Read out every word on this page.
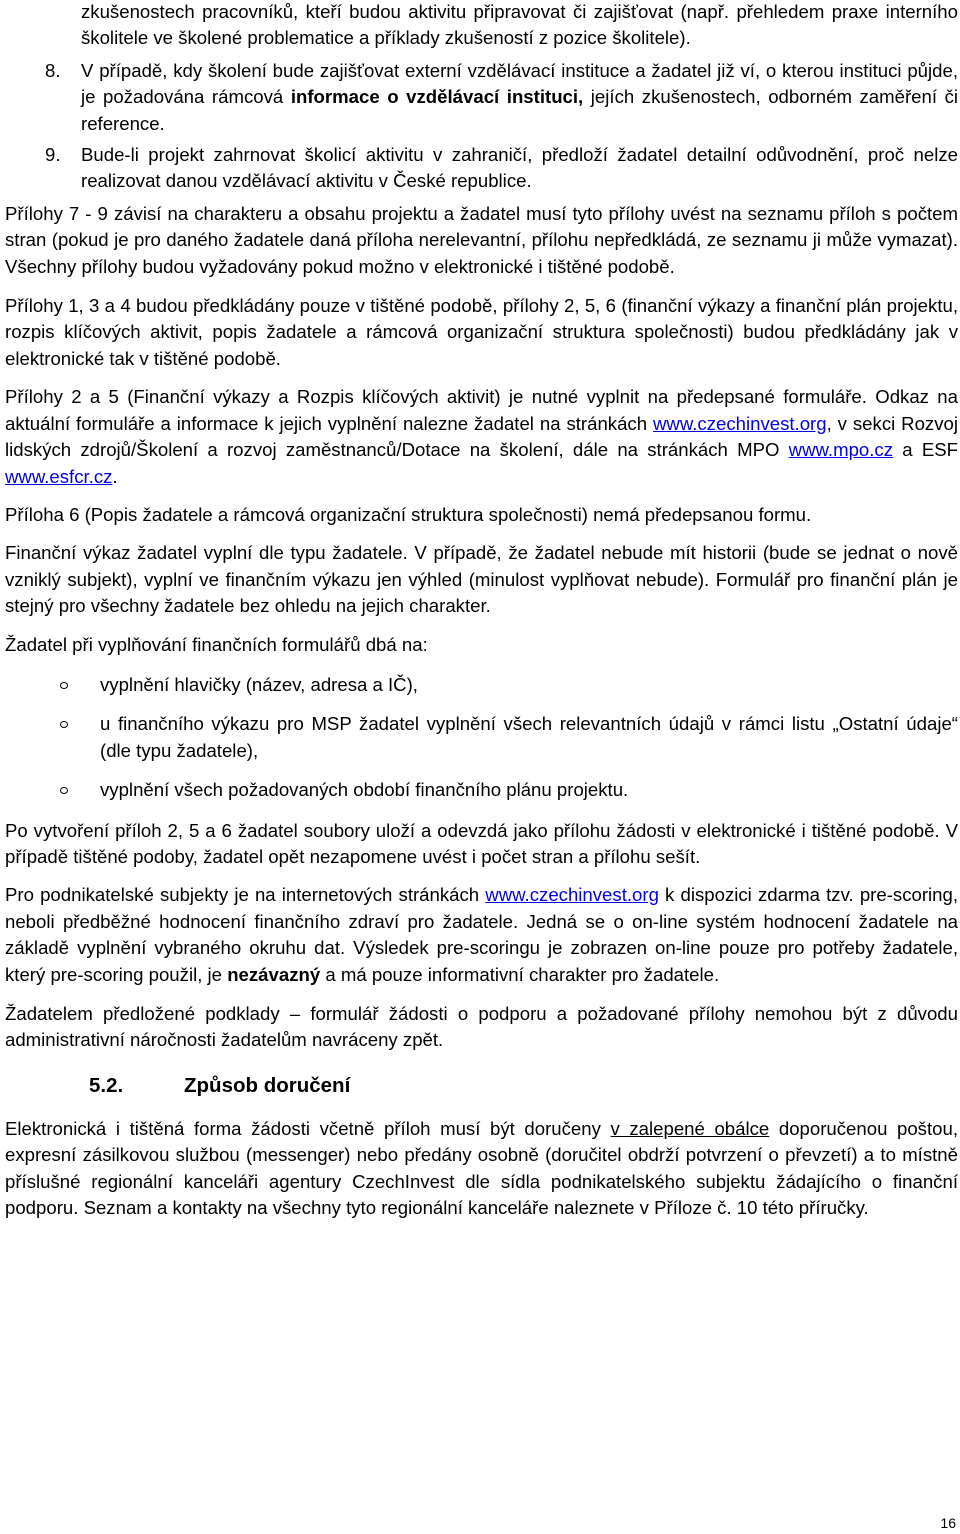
zkušenostech pracovníků, kteří budou aktivitu připravovat či zajišťovat (např. přehledem praxe interního školitele ve školené problematice a příklady zkušeností z pozice školitele).

8. V případě, kdy školení bude zajišťovat externí vzdělávací instituce a žadatel již ví, o kterou instituci půjde, je požadována rámcová informace o vzdělávací instituci, jejích zkušenostech, odborném zaměření či reference.
9. Bude-li projekt zahrnovat školicí aktivitu v zahraničí, předloží žadatel detailní odůvodnění, proč nelze realizovat danou vzdělávací aktivitu v České republice.

Přílohy 7 - 9 závisí na charakteru a obsahu projektu a žadatel musí tyto přílohy uvést na seznamu příloh s počtem stran (pokud je pro daného žadatele daná příloha nerelevantní, přílohu nepředkládá, ze seznamu ji může vymazat). Všechny přílohy budou vyžadovány pokud možno v elektronické i tištěné podobě.

Přílohy 1, 3 a 4 budou předkládány pouze v tištěné podobě, přílohy 2, 5, 6 (finanční výkazy a finanční plán projektu, rozpis klíčových aktivit, popis žadatele a rámcová organizační struktura společnosti) budou předkládány jak v elektronické tak v tištěné podobě.

Přílohy 2 a 5 (Finanční výkazy a Rozpis klíčových aktivit) je nutné vyplnit na předepsané formuláře. Odkaz na aktuální formuláře a informace k jejich vyplnění nalezne žadatel na stránkách www.czechinvest.org, v sekci Rozvoj lidských zdrojů/Školení a rozvoj zaměstnanců/Dotace na školení, dále na stránkách MPO www.mpo.cz a ESF www.esfcr.cz.

Příloha 6 (Popis žadatele a rámcová organizační struktura společnosti) nemá předepsanou formu.

Finanční výkaz žadatel vyplní dle typu žadatele. V případě, že žadatel nebude mít historii (bude se jednat o nově vzniklý subjekt), vyplní ve finančním výkazu jen výhled (minulost vyplňovat nebude). Formulář pro finanční plán je stejný pro všechny žadatele bez ohledu na jejich charakter.

Žadatel při vyplňování finančních formulářů dbá na:

vyplnění hlavičky (název, adresa a IČ),
u finančního výkazu pro MSP žadatel vyplnění všech relevantních údajů v rámci listu „Ostatní údaje“ (dle typu žadatele),
vyplnění všech požadovaných období finančního plánu projektu.

Po vytvoření příloh 2, 5 a 6 žadatel soubory uloží a odevzdá jako přílohu žádosti v elektronické i tištěné podobě. V případě tištěné podoby, žadatel opět nezapomene uvést i počet stran a přílohu sešít.

Pro podnikatelské subjekty je na internetových stránkách www.czechinvest.org k dispozici zdarma tzv. pre-scoring, neboli předběžné hodnocení finančního zdraví pro žadatele. Jedná se o on-line systém hodnocení žadatele na základě vyplnění vybraného okruhu dat. Výsledek pre-scoringu je zobrazen on-line pouze pro potřeby žadatele, který pre-scoring použil, je nezávazný a má pouze informativní charakter pro žadatele.

Žadatelem předložené podklady – formulář žádosti o podporu a požadované přílohy nemohou být z důvodu administrativní náročnosti žadatelům navráceny zpět.

5.2.	Způsob doručení

Elektronická i tištěná forma žádosti včetně příloh musí být doručeny v zalepené obálce doporučenou poštou, expresní zásilkovou službou (messenger) nebo předány osobně (doručitel obdrží potvrzení o převzetí) a to místně příslušné regionální kanceláři agentury CzechInvest dle sídla podnikatelského subjektu žádajícího o finanční podporu. Seznam a kontakty na všechny tyto regionální kanceláře naleznete v Příloze č. 10 této příručky.

16
